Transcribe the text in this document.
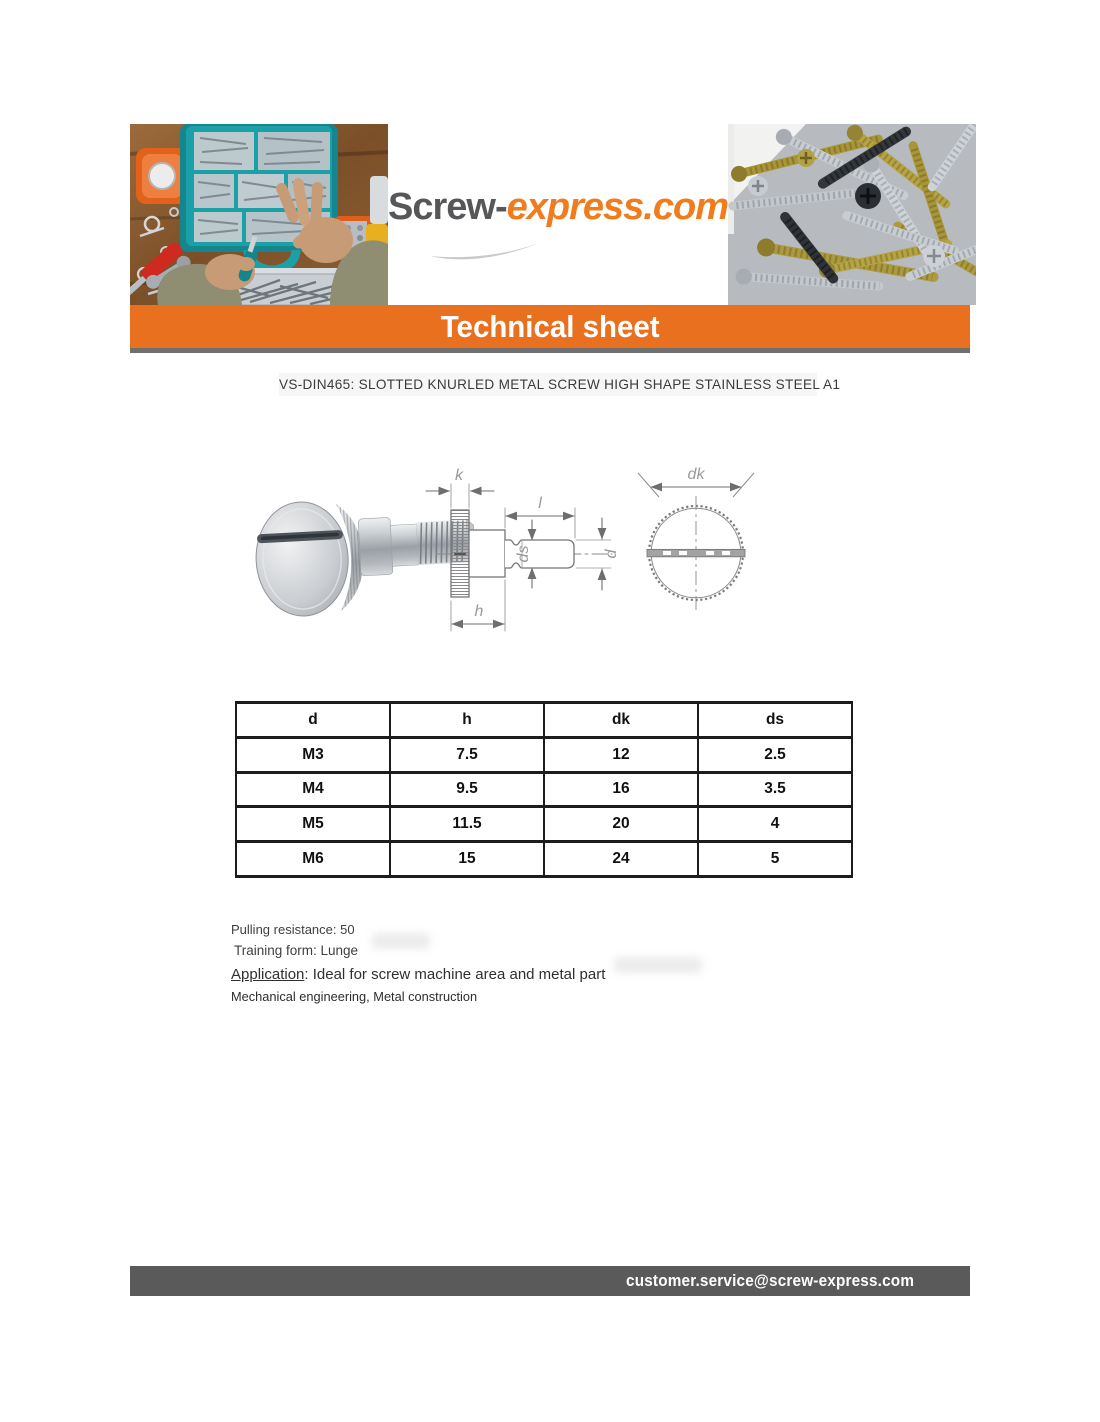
Screw-express.com
Technical sheet
VS-DIN465: SLOTTED KNURLED METAL SCREW HIGH SHAPE STAINLESS STEEL A1
k
l
ds	d
h
dk
d	h	dk	ds
M3	7.5	12	2.5
M4	9.5	16	3.5
M5	11.5	20	4
M6	15	24	5
Pulling resistance: 50
Training form: Lunge
Application: Ideal for screw machine area and metal part
Mechanical engineering, Metal construction
customer.service@screw-express.com
